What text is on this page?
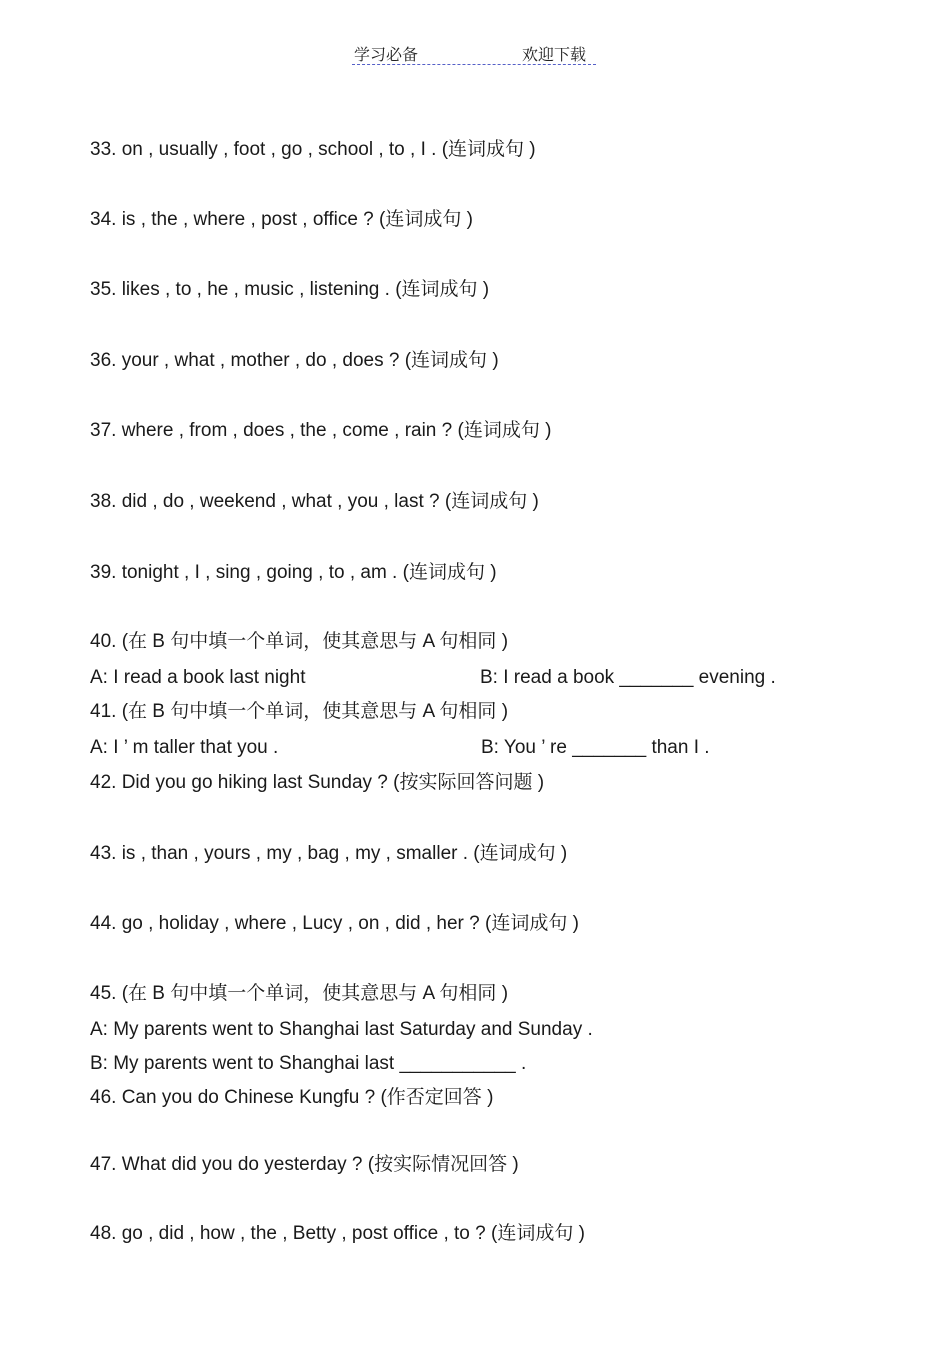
学习必备	欢迎下载
33. on , usually , foot , go , school , to , I . (连词成句 )
34. is , the , where , post , office ? (连词成句 )
35. likes , to , he , music , listening . (连词成句 )
36. your , what , mother , do , does ? (连词成句 )
37. where , from , does , the , come , rain ? (连词成句 )
38. did , do , weekend , what , you , last ? (连词成句 )
39. tonight , I , sing , going , to , am . (连词成句 )
40. (在 B 句中填一个单词，使其意思与 A 句相同 )
A: I read a book last night	B: I read a book _______ evening .
41. (在 B 句中填一个单词，使其意思与 A 句相同 )
A: I ’ m taller that you .	B: You ’ re _______ than I .
42. Did you go hiking last Sunday ? (按实际回答问题 )
43. is , than , yours , my , bag , my , smaller . (连词成句 )
44. go , holiday , where , Lucy , on , did , her ? (连词成句 )
45. (在 B 句中填一个单词，使其意思与 A 句相同 )
A: My parents went to Shanghai last Saturday and Sunday .
B: My parents went to Shanghai last ___________ .
46. Can you do Chinese Kungfu ? (作否定回答 )
47. What did you do yesterday ? (按实际情况回答 )
48. go , did , how , the , Betty , post office , to ? (连词成句 )
